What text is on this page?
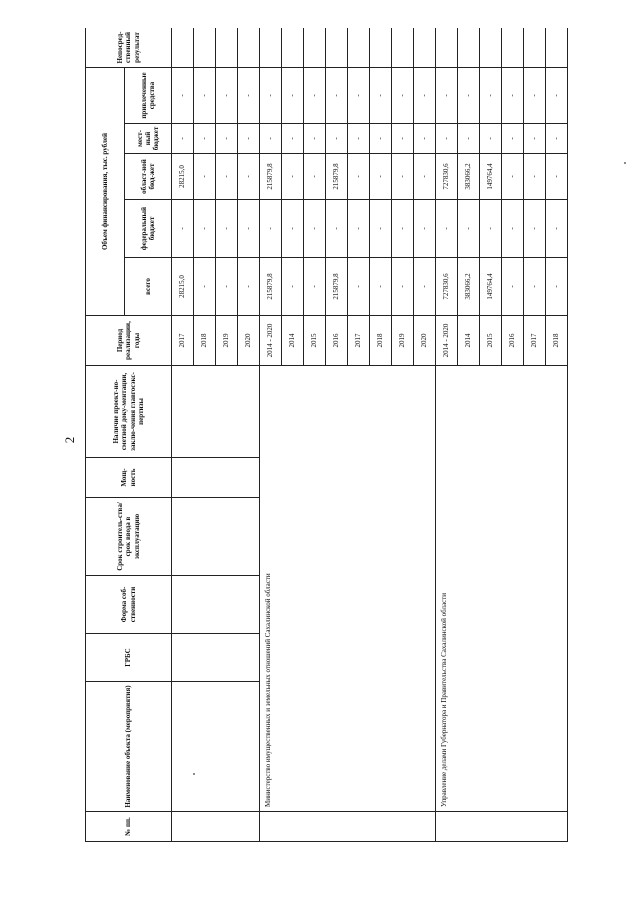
2
№ пп.	Наименование объекта (мероприятия)	ГРБС	Форма соб-ственности	Срок строитель-ства/срок ввода в эксплуатацию	Мощ-ность	Наличие проект-но-сметной доку-ментации, заклю-чения главгосэкс-пертизы	Период реализации, годы	Объем финансирования, тыс. рублей					Непосред-ственный результат
								всего	федеральный бюджет	област-ной бюд-жет	мест-ный бюджет	привлеченные средства	
							2017	28215,0	-	28215,0	-	-	
							2018	-	-	-	-	-	
							2019	-	-	-	-	-	
							2020	-	-	-	-	-	
	Министерство имущественных и земельных отношений Сахалинской области						2014 - 2020	215879,8	-	215879,8	-	-	
							2014	-	-	-	-	-	
							2015	-	-	-	-	-	
							2016	215879,8	-	215879,8	-	-	
							2017	-	-	-	-	-	
							2018	-	-	-	-	-	
							2019	-	-	-	-	-	
							2020	-	-	-	-	-	
	Управление делами Губернатора и Правительства Сахалинской области						2014 - 2020	727830,6	-	727830,6	-	-	
							2014	383066,2	-	383066,2	-	-	
							2015	149764,4	-	149764,4	-	-	
							2016	-	-	-	-	-	
							2017	-	-	-	-	-	
							2018	-	-	-	-	-	
